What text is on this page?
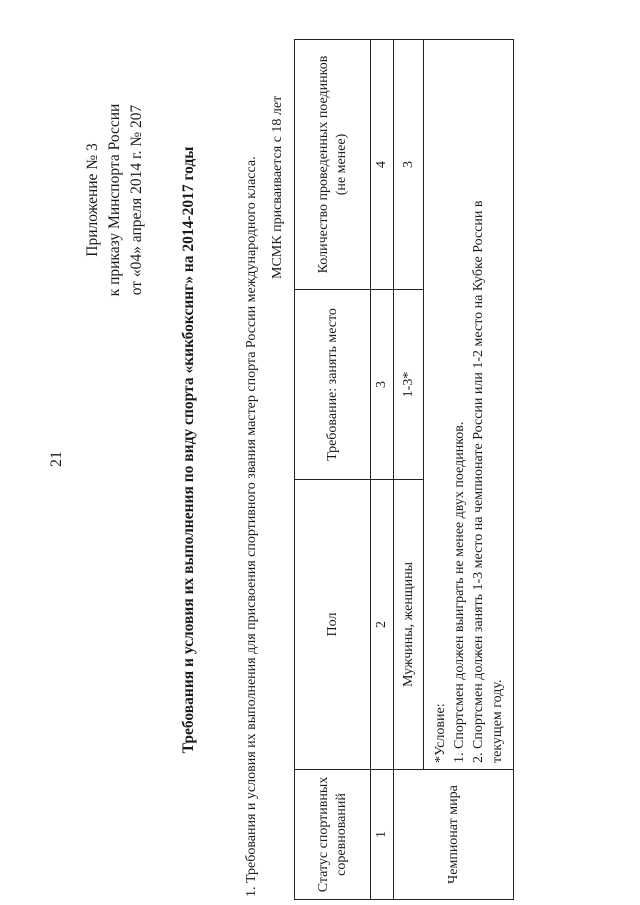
21
Приложение № 3 к приказу Минспорта России от «04» апреля 2014 г. № 207 Требования и условия их выполнения по виду спорта «кикбоксинг» на 2014-2017 годы	1. Требования и условия их выполнения для присвоения спортивного звания мастер спорта России международного класса. МСМК присваивается с 18 лет
Статус спортивных соревнований	Пол	Требование: занять место	Количество проведенных поединков (не менее)
1	2	3	4
Чемпионат мира	Мужчины, женщины	1-3*	3

	*Условие: 1. Спортсмен должен выиграть не менее двух поединков. 2. Спортсмен должен занять 1-3 место на чемпионате России или 1-2 место на Кубке России в текущем году.		
